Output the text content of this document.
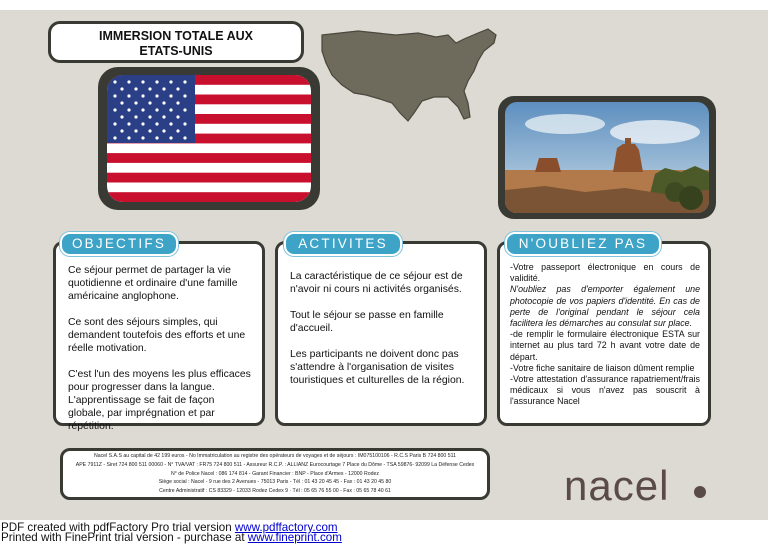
IMMERSION TOTALE AUX
ETATS-UNIS
OBJECTIFS	ACTIVITES	N'OUBLIEZ PAS

Ce séjour permet de partager la vie quotidienne et ordinaire d'une famille américaine anglophone.

Ce sont des séjours simples, qui demandent toutefois des efforts et une réelle motivation.

C'est l'un des moyens les plus efficaces pour progresser dans la langue. L'apprentissage se fait de façon globale, par imprégnation et par répétition.

La caractéristique de ce séjour est de n'avoir ni cours ni activités organisés.

Tout le séjour se passe en famille d'accueil.

Les participants ne doivent donc pas s'attendre à l'organisation de visites touristiques et culturelles de la région.

-Votre passeport électronique en cours de validité.

N'oubliez pas d'emporter également une photocopie de vos papiers d'identité. En cas de perte de l'original pendant le séjour cela facilitera les démarches au consulat sur place.

-de remplir le formulaire électronique ESTA sur internet au plus tard 72 h avant votre date de départ.

-Votre fiche sanitaire de liaison dûment remplie

-Votre attestation d'assurance rapatriement/frais médicaux si vous n'avez pas souscrit à l'assurance Nacel

Nacel S.A.S au capital de 42 199 euros - No Immatriculation au registre des opérateurs de voyages et de séjours : IM075100106 - R.C.S Paris B 724 800 511
APE 7911Z - Siret 724 800 511 00060 - N° TVA/VAT : FR75 724 800 511 - Assureur R.C.P. : ALLIANZ Eurocourtage 7 Place du Dôme - TSA 59876- 92099 La Défense Cedex
N° de Police Nacel : 086 174 814 - Garant Financier : BNP - Place d'Armes - 12000 Rodez
Siège social : Nacel - 9 rue des 2 Avenues - 75013 Paris - Tél : 01 43 20 45 45 - Fax : 01 43 20 45 80
Centre Administratif : CS 83329 - 12033 Rodez Cedex 9 · Tél : 05 65 76 55 00 - Fax : 05 65 78 40 61
N° d'urgence : 05 65 78 42 16 (24h/24 – 365 jrs/an) – A contacter en cas d'extrême urgence hors des horaires de bureaux. Def 12/12/13	nacel
PDF created with pdfFactory Pro trial version www.pdffactory.com
Printed with FinePrint trial version - purchase at www.fineprint.com
